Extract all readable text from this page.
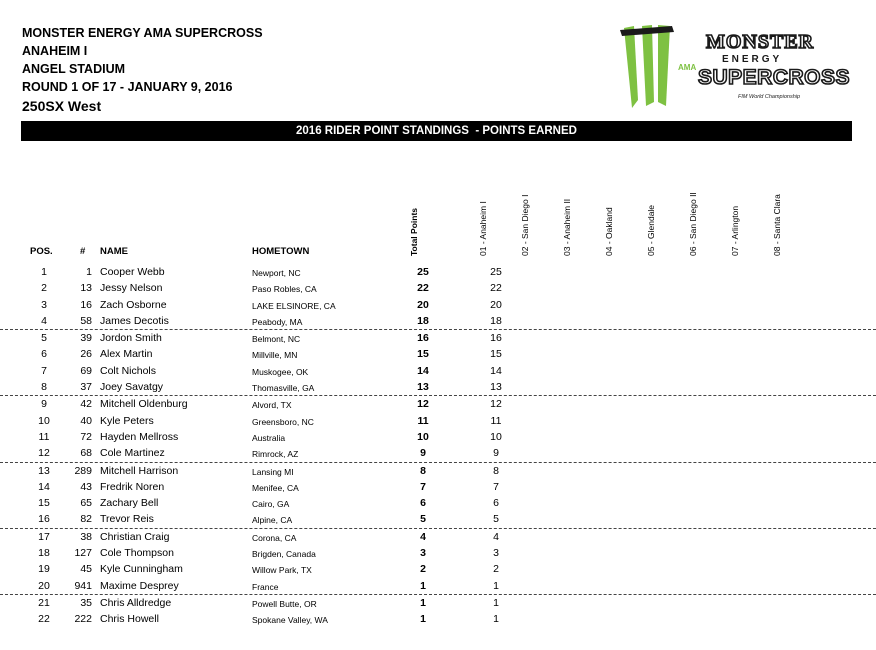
MONSTER ENERGY AMA SUPERCROSS
ANAHEIM I
ANGEL STADIUM
ROUND 1 OF 17 - JANUARY 9, 2016
250SX West
MONSTER
ENERGY
AMA SUPERCROSS
FIM World Championship
2016 RIDER POINT STANDINGS  - POINTS EARNED
POS.	# NAME	HOMETOWN	Total Points	01 - Anaheim I	02 - San Diego I	03 - Anaheim II	04 - Oakland	05 - Glendale	06 - San Diego II	07 - Arlington	08 - Santa Clara
1	1 Cooper Webb	Newport, NC	25	25
2	13 Jessy Nelson	Paso Robles, CA	22	22
3	16 Zach Osborne	LAKE ELSINORE, CA	20	20
4	58 James Decotis	Peabody, MA	18	18
5	39 Jordon Smith	Belmont, NC	16	16
6	26 Alex Martin	Millville, MN	15	15
7	69 Colt Nichols	Muskogee, OK	14	14
8	37 Joey Savatgy	Thomasville, GA	13	13
9	42 Mitchell Oldenburg	Alvord, TX	12	12
10	40 Kyle Peters	Greensboro, NC	11	11
11	72 Hayden Mellross	Australia	10	10
12	68 Cole Martinez	Rimrock, AZ	9	9
13	289 Mitchell Harrison	Lansing MI	8	8
14	43 Fredrik Noren	Menifee, CA	7	7
15	65 Zachary Bell	Cairo, GA	6	6
16	82 Trevor Reis	Alpine, CA	5	5
17	38 Christian Craig	Corona, CA	4	4
18	127 Cole Thompson	Brigden, Canada	3	3
19	45 Kyle Cunningham	Willow Park, TX	2	2
20	941 Maxime Desprey	France	1	1
21	35 Chris Alldredge	Powell Butte, OR	1	1
22	222 Chris Howell	Spokane Valley, WA	1	1
